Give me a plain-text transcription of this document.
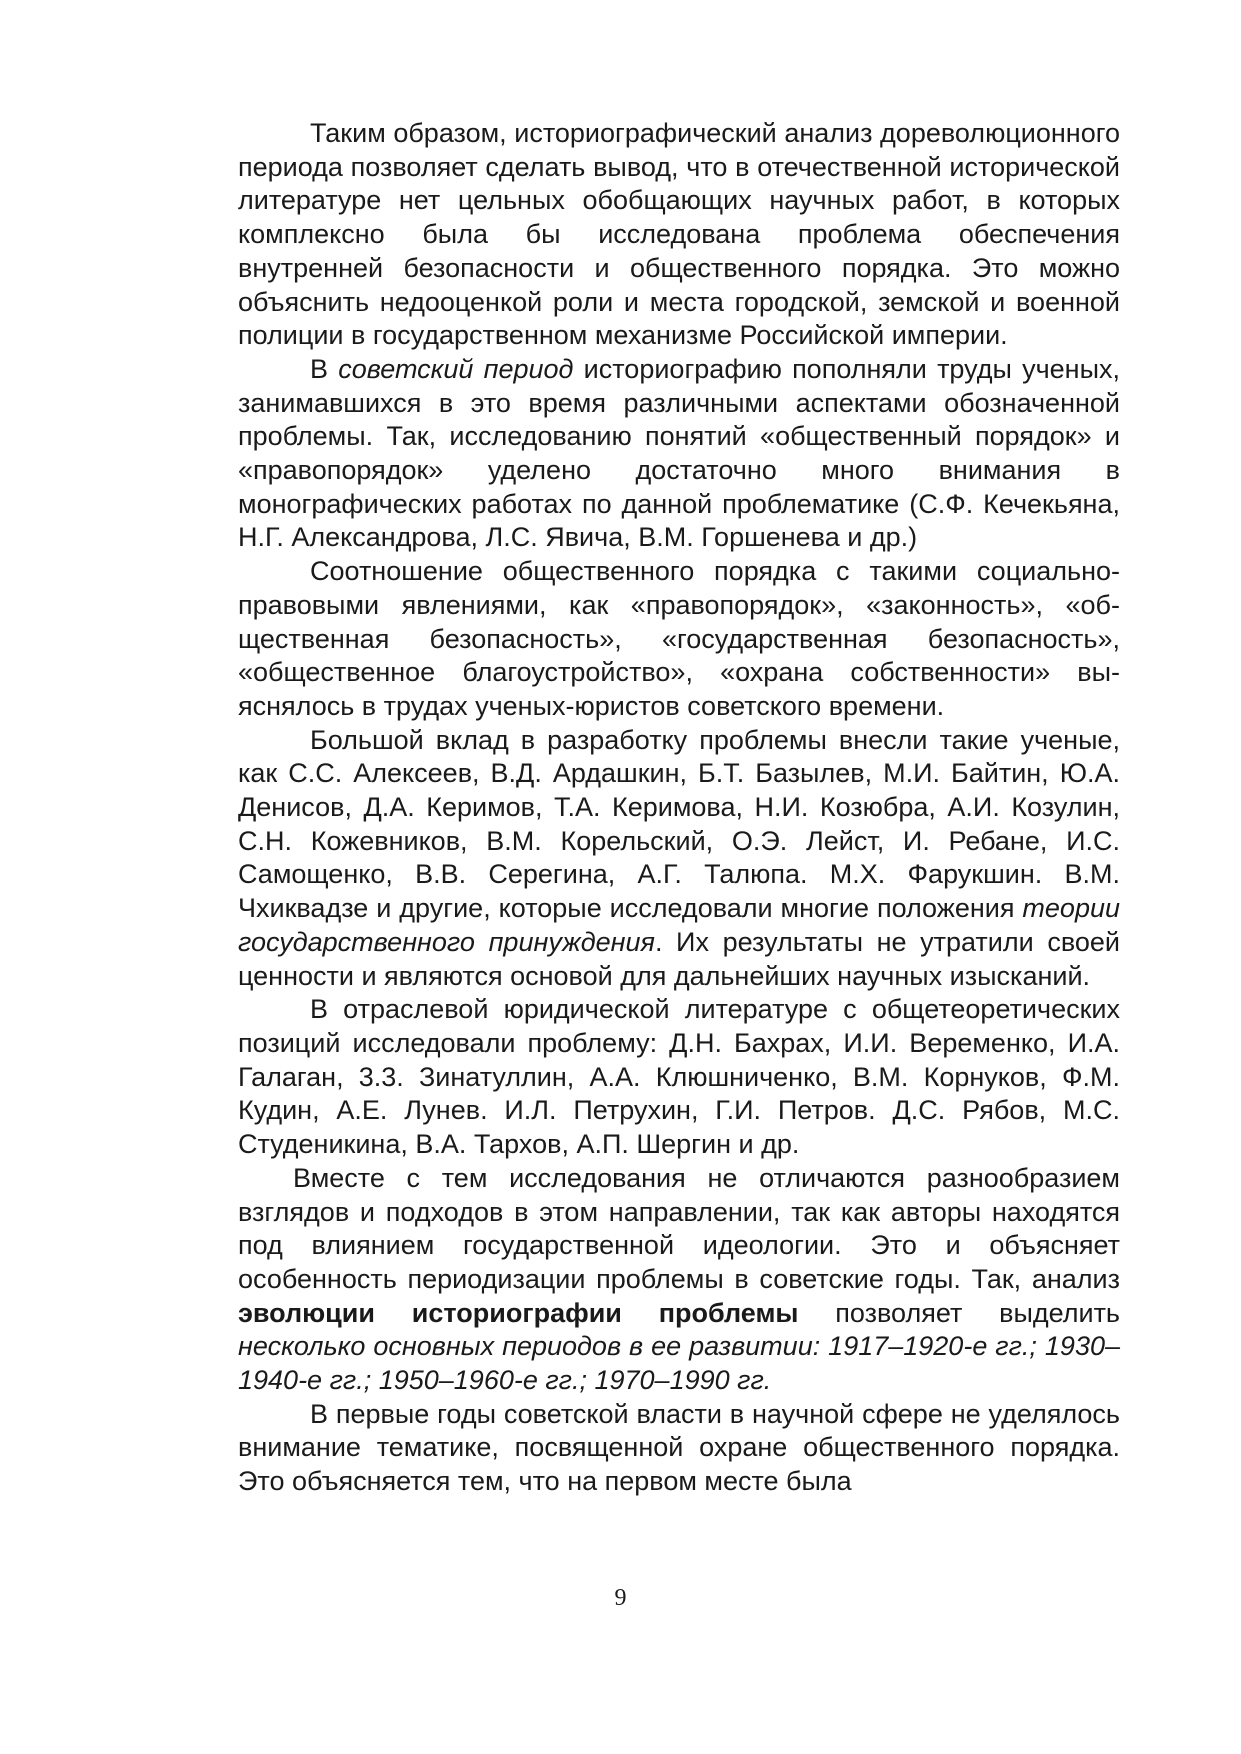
Таким образом, историографический анализ дореволюционного периода позволяет сделать вывод, что в отечественной исторической литературе нет цельных обобщающих научных работ, в которых комплексно была бы исследована проблема обеспечения внутренней безопасности и общественного порядка. Это можно объяснить недооценкой роли и места городской, земской и военной полиции в государственном механизме Российской империи.

В советский период историографию пополняли труды ученых, занимавшихся в это время различными аспектами обозначенной проблемы. Так, исследованию понятий «общественный порядок» и «правопорядок» уделено достаточно много внимания в монографических работах по данной проблематике (С.Ф. Кечекьяна, Н.Г. Александрова, Л.С. Явича, В.М. Горшенева и др.)

Соотношение общественного порядка с такими социально-правовыми явлениями, как «правопорядок», «законность», «общественная безопасность», «государственная безопасность», «общественное благоустройство», «охрана собственности» выяснялось в трудах ученых-юристов советского времени.

Большой вклад в разработку проблемы внесли такие ученые, как С.С. Алексеев, В.Д. Ардашкин, Б.Т. Базылев, М.И. Байтин, Ю.А. Денисов, Д.А. Керимов, Т.А. Керимова, Н.И. Козюбра, А.И. Козулин, С.Н. Кожевников, В.М. Корельский, О.Э. Лейст, И. Ребане, И.С. Самощенко, В.В. Серегина, А.Г. Талюпа. М.Х. Фарукшин. В.М. Чхиквадзе и другие, которые исследовали многие положения теории государственного принуждения. Их результаты не утратили своей ценности и являются основой для дальнейших научных изысканий.

В отраслевой юридической литературе с общетеоретических позиций исследовали проблему: Д.Н. Бахрах, И.И. Веременко, И.А. Галаган, 3.3. Зинатуллин, А.А. Клюшниченко, В.М. Корнуков, Ф.М. Кудин, А.Е. Лунев. И.Л. Петрухин, Г.И. Петров. Д.С. Рябов, М.С. Студеникина, В.А. Тархов, А.П. Шергин и др.

Вместе с тем исследования не отличаются разнообразием взглядов и подходов в этом направлении, так как авторы находятся под влиянием государственной идеологии. Это и объясняет особенность периодизации проблемы в советские годы. Так, анализ эволюции историографии проблемы позволяет выделить несколько основных периодов в ее развитии: 1917–1920-е гг.; 1930–1940-е гг.; 1950–1960-е гг.; 1970–1990 гг.

В первые годы советской власти в научной сфере не уделялось внимание тематике, посвященной охране общественного порядка. Это объясняется тем, что на первом месте была

9
